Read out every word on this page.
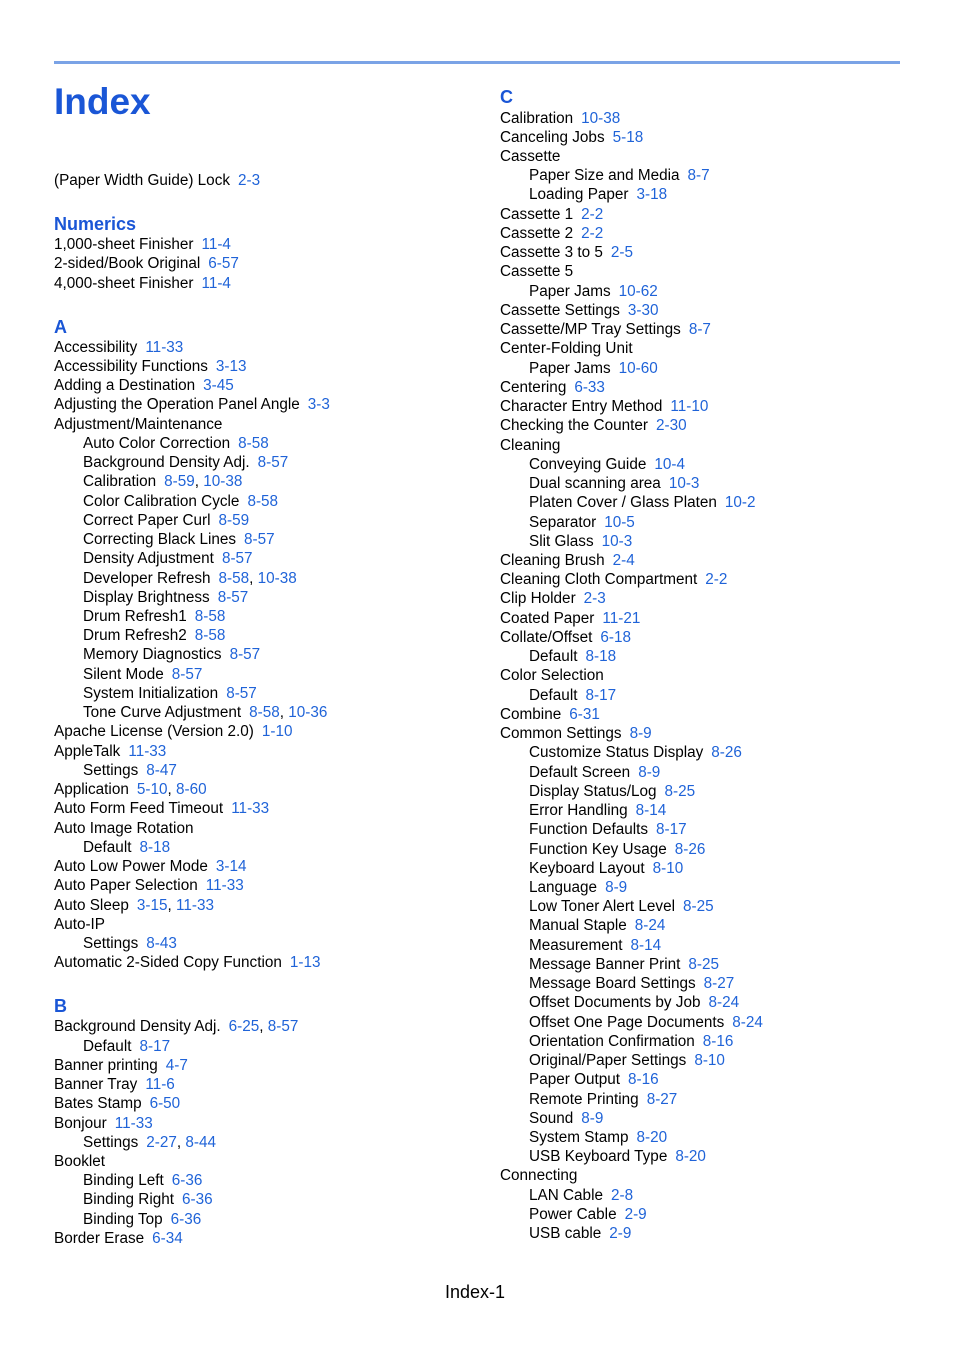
Index
(Paper Width Guide) Lock 2-3
Numerics
1,000-sheet Finisher 11-4
2-sided/Book Original 6-57
4,000-sheet Finisher 11-4
A
Accessibility 11-33
Accessibility Functions 3-13
Adding a Destination 3-45
Adjusting the Operation Panel Angle 3-3
Adjustment/Maintenance
Auto Color Correction 8-58
Background Density Adj. 8-57
Calibration 8-59, 10-38
Color Calibration Cycle 8-58
Correct Paper Curl 8-59
Correcting Black Lines 8-57
Density Adjustment 8-57
Developer Refresh 8-58, 10-38
Display Brightness 8-57
Drum Refresh1 8-58
Drum Refresh2 8-58
Memory Diagnostics 8-57
Silent Mode 8-57
System Initialization 8-57
Tone Curve Adjustment 8-58, 10-36
Apache License (Version 2.0) 1-10
AppleTalk 11-33
Settings 8-47
Application 5-10, 8-60
Auto Form Feed Timeout 11-33
Auto Image Rotation
Default 8-18
Auto Low Power Mode 3-14
Auto Paper Selection 11-33
Auto Sleep 3-15, 11-33
Auto-IP
Settings 8-43
Automatic 2-Sided Copy Function 1-13
B
Background Density Adj. 6-25, 8-57
Default 8-17
Banner printing 4-7
Banner Tray 11-6
Bates Stamp 6-50
Bonjour 11-33
Settings 2-27, 8-44
Booklet
Binding Left 6-36
Binding Right 6-36
Binding Top 6-36
Border Erase 6-34
C
Calibration 10-38
Canceling Jobs 5-18
Cassette
Paper Size and Media 8-7
Loading Paper 3-18
Cassette 1 2-2
Cassette 2 2-2
Cassette 3 to 5 2-5
Cassette 5
Paper Jams 10-62
Cassette Settings 3-30
Cassette/MP Tray Settings 8-7
Center-Folding Unit
Paper Jams 10-60
Centering 6-33
Character Entry Method 11-10
Checking the Counter 2-30
Cleaning
Conveying Guide 10-4
Dual scanning area 10-3
Platen Cover / Glass Platen 10-2
Separator 10-5
Slit Glass 10-3
Cleaning Brush 2-4
Cleaning Cloth Compartment 2-2
Clip Holder 2-3
Coated Paper 11-21
Collate/Offset 6-18
Default 8-18
Color Selection
Default 8-17
Combine 6-31
Common Settings 8-9
Customize Status Display 8-26
Default Screen 8-9
Display Status/Log 8-25
Error Handling 8-14
Function Defaults 8-17
Function Key Usage 8-26
Keyboard Layout 8-10
Language 8-9
Low Toner Alert Level 8-25
Manual Staple 8-24
Measurement 8-14
Message Banner Print 8-25
Message Board Settings 8-27
Offset Documents by Job 8-24
Offset One Page Documents 8-24
Orientation Confirmation 8-16
Original/Paper Settings 8-10
Paper Output 8-16
Remote Printing 8-27
Sound 8-9
System Stamp 8-20
USB Keyboard Type 8-20
Connecting
LAN Cable 2-8
Power Cable 2-9
USB cable 2-9
Index-1
